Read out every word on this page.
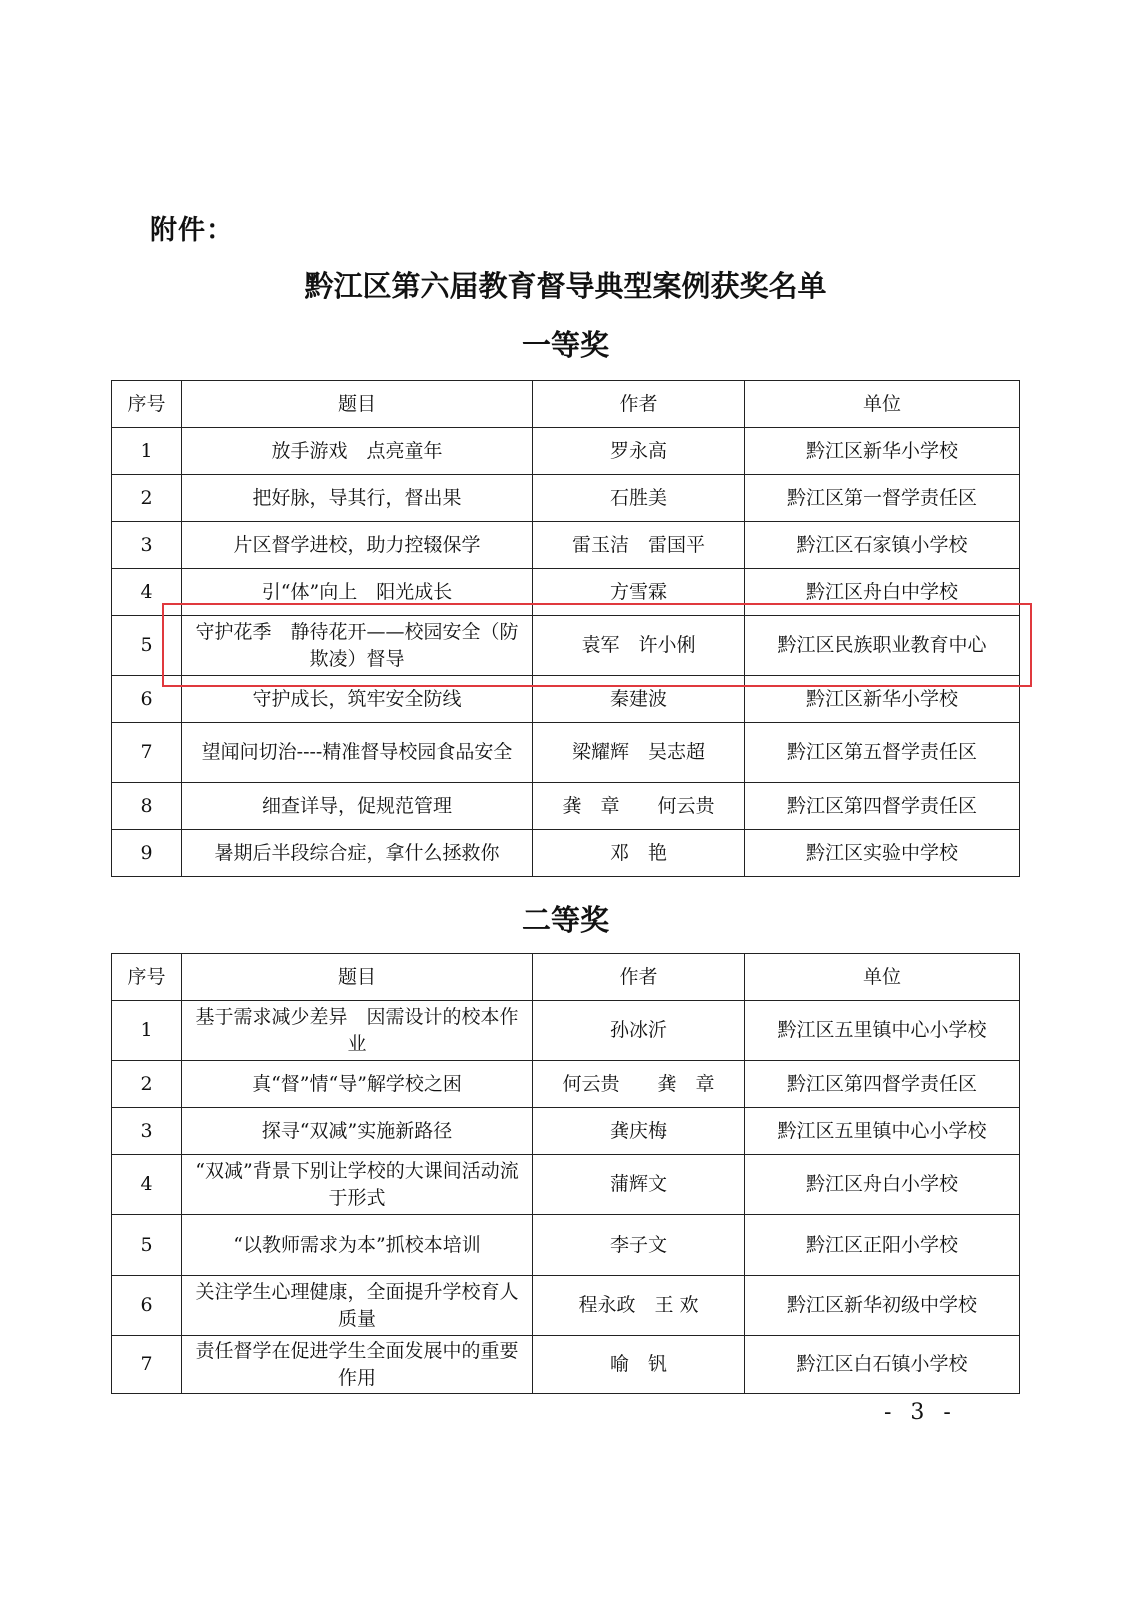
附件：
黔江区第六届教育督导典型案例获奖名单
一等奖
序号	题目	作者	单位
1	放手游戏　点亮童年	罗永高	黔江区新华小学校
2	把好脉，导其行，督出果	石胜美	黔江区第一督学责任区
3	片区督学进校，助力控辍保学	雷玉洁　雷国平	黔江区石家镇小学校
4	引“体”向上　阳光成长	方雪霖	黔江区舟白中学校
5	守护花季　静待花开——校园安全（防欺凌）督导	袁军　许小俐	黔江区民族职业教育中心
6	守护成长，筑牢安全防线	秦建波	黔江区新华小学校
7	望闻问切治----精准督导校园食品安全	梁耀辉　吴志超	黔江区第五督学责任区
8	细查详导，促规范管理	龚　章　　何云贵	黔江区第四督学责任区
9	暑期后半段综合症，拿什么拯救你	邓　艳	黔江区实验中学校
二等奖
序号	题目	作者	单位
1	基于需求减少差异　因需设计的校本作业	孙冰沂	黔江区五里镇中心小学校
2	真“督”情“导”解学校之困	何云贵　　龚　章	黔江区第四督学责任区
3	探寻“双减”实施新路径	龚庆梅	黔江区五里镇中心小学校
4	“双减”背景下别让学校的大课间活动流于形式	蒲辉文	黔江区舟白小学校
5	“以教师需求为本”抓校本培训	李子文	黔江区正阳小学校
6	关注学生心理健康，全面提升学校育人质量	程永政　王 欢	黔江区新华初级中学校
7	责任督学在促进学生全面发展中的重要作用	喻　钒	黔江区白石镇小学校
- 3 -
